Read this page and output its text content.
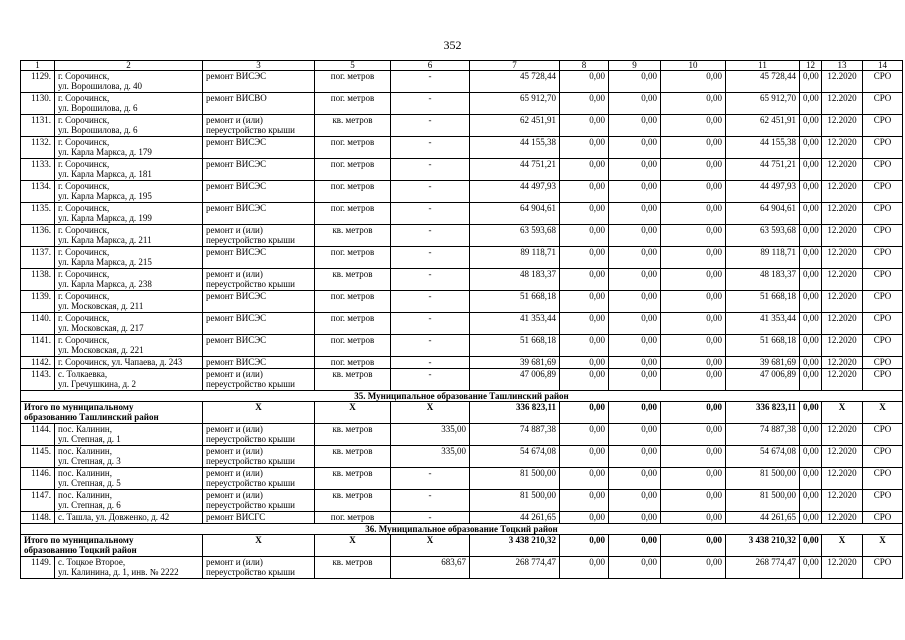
352
1	2	3	5	6	7	8	9	10	11	12	13	14
1129.	г. Сорочинск,
ул. Ворошилова, д. 40	ремонт ВИСЭС	пог. метров	-	45 728,44	0,00	0,00	0,00	45 728,44	0,00	12.2020	СРО
1130.	г. Сорочинск,
ул. Ворошилова, д. 6	ремонт ВИСВО	пог. метров	-	65 912,70	0,00	0,00	0,00	65 912,70	0,00	12.2020	СРО
1131.	г. Сорочинск,
ул. Ворошилова, д. 6	ремонт и (или)
переустройство крыши	кв. метров	-	62 451,91	0,00	0,00	0,00	62 451,91	0,00	12.2020	СРО
1132.	г. Сорочинск,
ул. Карла Маркса, д. 179	ремонт ВИСЭС	пог. метров	-	44 155,38	0,00	0,00	0,00	44 155,38	0,00	12.2020	СРО
1133.	г. Сорочинск,
ул. Карла Маркса, д. 181	ремонт ВИСЭС	пог. метров	-	44 751,21	0,00	0,00	0,00	44 751,21	0,00	12.2020	СРО
1134.	г. Сорочинск,
ул. Карла Маркса, д. 195	ремонт ВИСЭС	пог. метров	-	44 497,93	0,00	0,00	0,00	44 497,93	0,00	12.2020	СРО
1135.	г. Сорочинск,
ул. Карла Маркса, д. 199	ремонт ВИСЭС	пог. метров	-	64 904,61	0,00	0,00	0,00	64 904,61	0,00	12.2020	СРО
1136.	г. Сорочинск,
ул. Карла Маркса, д. 211	ремонт и (или)
переустройство крыши	кв. метров	-	63 593,68	0,00	0,00	0,00	63 593,68	0,00	12.2020	СРО
1137.	г. Сорочинск,
ул. Карла Маркса, д. 215	ремонт ВИСЭС	пог. метров	-	89 118,71	0,00	0,00	0,00	89 118,71	0,00	12.2020	СРО
1138.	г. Сорочинск,
ул. Карла Маркса, д. 238	ремонт и (или)
переустройство крыши	кв. метров	-	48 183,37	0,00	0,00	0,00	48 183,37	0,00	12.2020	СРО
1139.	г. Сорочинск,
ул. Московская, д. 211	ремонт ВИСЭС	пог. метров	-	51 668,18	0,00	0,00	0,00	51 668,18	0,00	12.2020	СРО
1140.	г. Сорочинск,
ул. Московская, д. 217	ремонт ВИСЭС	пог. метров	-	41 353,44	0,00	0,00	0,00	41 353,44	0,00	12.2020	СРО
1141.	г. Сорочинск,
ул. Московская, д. 221	ремонт ВИСЭС	пог. метров	-	51 668,18	0,00	0,00	0,00	51 668,18	0,00	12.2020	СРО
1142.	г. Сорочинск, ул. Чапаева, д. 243	ремонт ВИСЭС	пог. метров	-	39 681,69	0,00	0,00	0,00	39 681,69	0,00	12.2020	СРО
1143.	с. Толкаевка,
ул. Гречушкина, д. 2	ремонт и (или)
переустройство крыши	кв. метров	-	47 006,89	0,00	0,00	0,00	47 006,89	0,00	12.2020	СРО
35. Муниципальное образование Ташлинский район												
Итого по муниципальному
образованию Ташлинский район		X	X	X	336 823,11	0,00	0,00	0,00	336 823,11	0,00	X	X
1144.	пос. Калинин,
ул. Степная, д. 1	ремонт и (или)
переустройство крыши	кв. метров	335,00	74 887,38	0,00	0,00	0,00	74 887,38	0,00	12.2020	СРО
1145.	пос. Калинин,
ул. Степная, д. 3	ремонт и (или)
переустройство крыши	кв. метров	335,00	54 674,08	0,00	0,00	0,00	54 674,08	0,00	12.2020	СРО
1146.	пос. Калинин,
ул. Степная, д. 5	ремонт и (или)
переустройство крыши	кв. метров	-	81 500,00	0,00	0,00	0,00	81 500,00	0,00	12.2020	СРО
1147.	пос. Калинин,
ул. Степная, д. 6	ремонт и (или)
переустройство крыши	кв. метров	-	81 500,00	0,00	0,00	0,00	81 500,00	0,00	12.2020	СРО
1148.	с. Ташла, ул. Довженко, д. 42	ремонт ВИСГС	пог. метров	-	44 261,65	0,00	0,00	0,00	44 261,65	0,00	12.2020	СРО
36. Муниципальное образование Тоцкий район												
Итого по муниципальному
образованию Тоцкий район		X	X	X	3 438 210,32	0,00	0,00	0,00	3 438 210,32	0,00	X	X
1149.	с. Тоцкое Второе,
ул. Калинина, д. 1, инв. № 2222	ремонт и (или)
переустройство крыши	кв. метров	683,67	268 774,47	0,00	0,00	0,00	268 774,47	0,00	12.2020	СРО
